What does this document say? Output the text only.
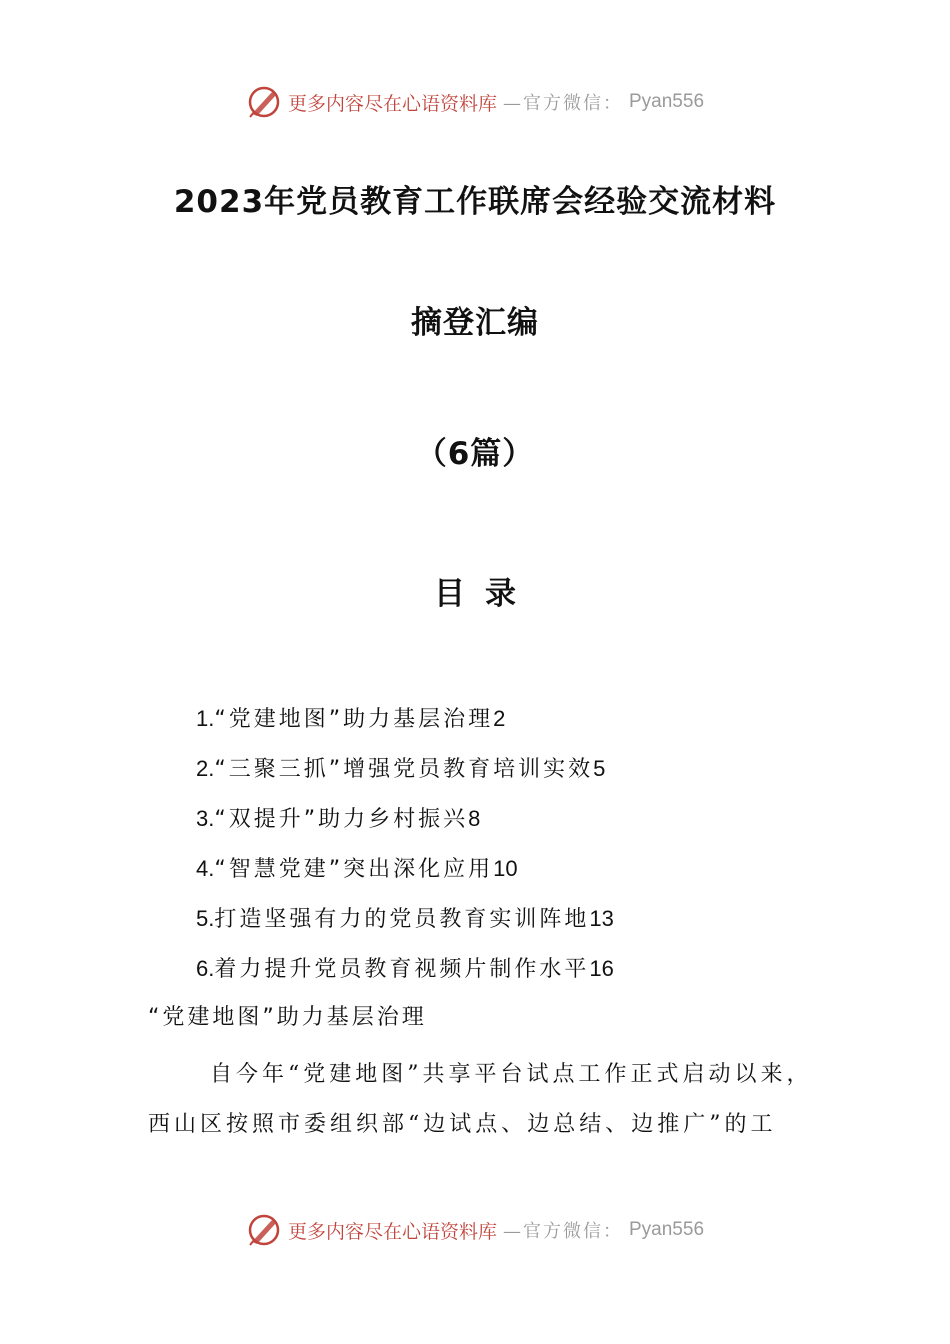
更多内容尽在心语资料库 —官方微信： Pyan556
2023年党员教育工作联席会经验交流材料
摘登汇编
（6篇）
目录
1.“党建地图”助力基层治理2
2.“三聚三抓”增强党员教育培训实效5
3.“双提升”助力乡村振兴8
4.“智慧党建”突出深化应用10
5.打造坚强有力的党员教育实训阵地13
6.着力提升党员教育视频片制作水平16
“党建地图”助力基层治理
自今年“党建地图”共享平台试点工作正式启动以来，西山区按照市委组织部“边试点、边总结、边推广”的工
更多内容尽在心语资料库 —官方微信： Pyan556
